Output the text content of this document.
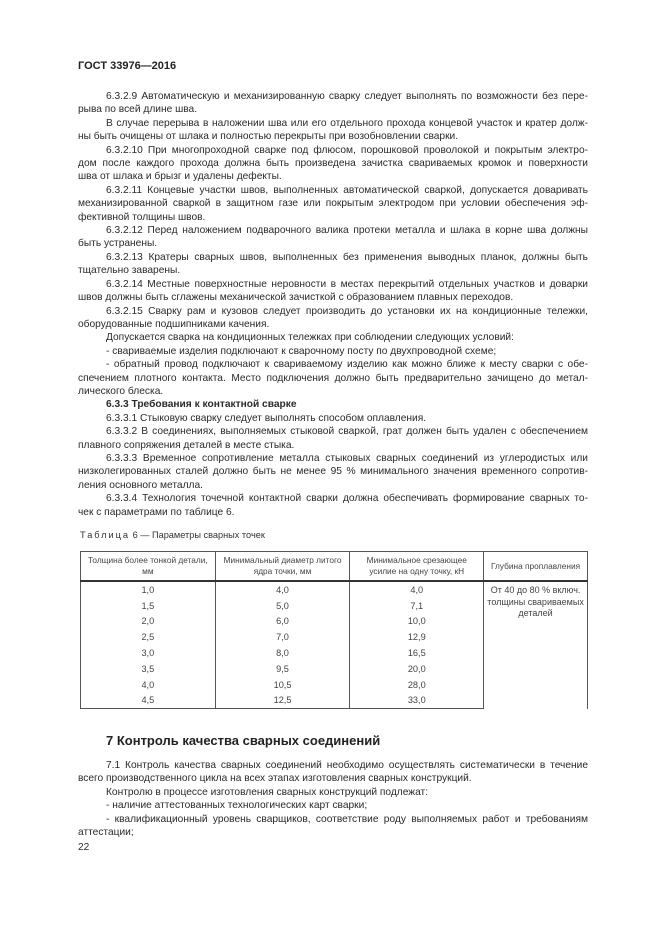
ГОСТ 33976—2016
6.3.2.9 Автоматическую и механизированную сварку следует выполнять по возможности без пере-
рыва по всей длине шва.
В случае перерыва в наложении шва или его отдельного прохода концевой участок и кратер долж-
ны быть очищены от шлака и полностью перекрыты при возобновлении сварки.
6.3.2.10 При многопроходной сварке под флюсом, порошковой проволокой и покрытым электро-
дом после каждого прохода должна быть произведена зачистка свариваемых кромок и поверхности
шва от шлака и брызг и удалены дефекты.
6.3.2.11 Концевые участки швов, выполненных автоматической сваркой, допускается доваривать
механизированной сваркой в защитном газе или покрытым электродом при условии обеспечения эф-
фективной толщины швов.
6.3.2.12 Перед наложением подварочного валика протеки металла и шлака в корне шва должны
быть устранены.
6.3.2.13 Кратеры сварных швов, выполненных без применения выводных планок, должны быть
тщательно заварены.
6.3.2.14 Местные поверхностные неровности в местах перекрытий отдельных участков и доварки
швов должны быть сглажены механической зачисткой с образованием плавных переходов.
6.3.2.15 Сварку рам и кузовов следует производить до установки их на кондиционные тележки,
оборудованные подшипниками качения.
Допускается сварка на кондиционных тележках при соблюдении следующих условий:
- свариваемые изделия подключают к сварочному посту по двухпроводной схеме;
- обратный провод подключают к свариваемому изделию как можно ближе к месту сварки с обе-
спечением плотного контакта. Место подключения должно быть предварительно зачищено до метал-
лического блеска.
6.3.3 Требования к контактной сварке
6.3.3.1 Стыковую сварку следует выполнять способом оплавления.
6.3.3.2 В соединениях, выполняемых стыковой сваркой, грат должен быть удален с обеспечением
плавного сопряжения деталей в месте стыка.
6.3.3.3 Временное сопротивление металла стыковых сварных соединений из углеродистых или
низколегированных сталей должно быть не менее 95 % минимального значения временного сопротив-
ления основного металла.
6.3.3.4 Технология точечной контактной сварки должна обеспечивать формирование сварных то-
чек с параметрами по таблице 6.
Таблица 6 — Параметры сварных точек
Толщина более тонкой детали, мм	Минимальный диаметр литого ядра точки, мм	Минимальное срезающее усилие на одну точку, кН	Глубина проплавления
1,0	4,0	4,0	От 40 до 80 % включ. толщины свариваемых деталей
1,5	5,0	7,1	
2,0	6,0	10,0	
2,5	7,0	12,9	
3,0	8,0	16,5	
3,5	9,5	20,0	
4,0	10,5	28,0	
4,5	12,5	33,0	
7 Контроль качества сварных соединений
7.1 Контроль качества сварных соединений необходимо осуществлять систематически в течение
всего производственного цикла на всех этапах изготовления сварных конструкций.
Контролю в процессе изготовления сварных конструкций подлежат:
- наличие аттестованных технологических карт сварки;
- квалификационный уровень сварщиков, соответствие роду выполняемых работ и требованиям
аттестации;
22
